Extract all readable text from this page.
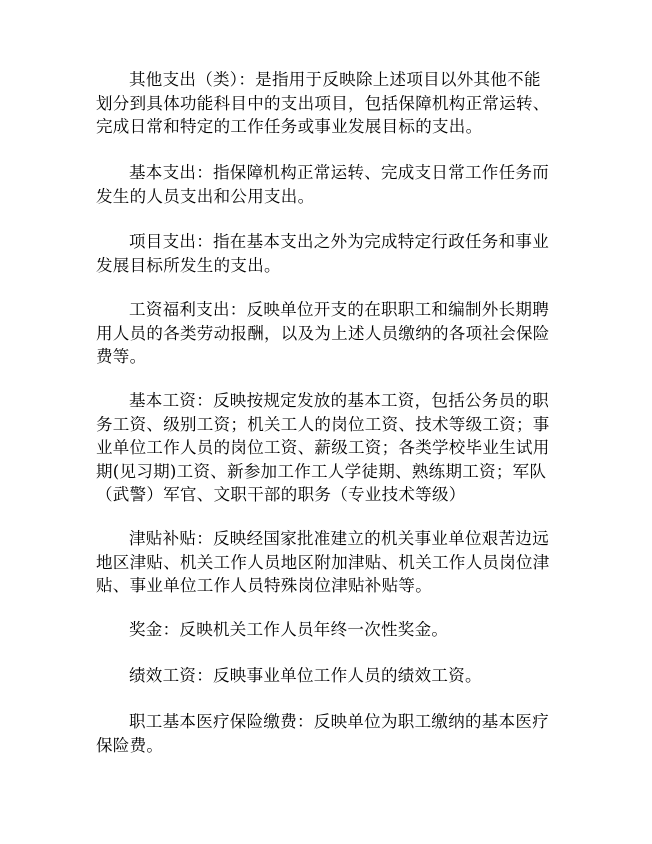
其他支出（类）：是指用于反映除上述项目以外其他不能
划分到具体功能科目中的支出项目，包括保障机构正常运转、
完成日常和特定的工作任务或事业发展目标的支出。

基本支出：指保障机构正常运转、完成支日常工作任务而
发生的人员支出和公用支出。

项目支出：指在基本支出之外为完成特定行政任务和事业
发展目标所发生的支出。

工资福利支出：反映单位开支的在职职工和编制外长期聘
用人员的各类劳动报酬，以及为上述人员缴纳的各项社会保险
费等。

基本工资：反映按规定发放的基本工资，包括公务员的职
务工资、级别工资；机关工人的岗位工资、技术等级工资；事
业单位工作人员的岗位工资、薪级工资；各类学校毕业生试用
期(见习期)工资、新参加工作工人学徒期、熟练期工资；军队
（武警）军官、文职干部的职务（专业技术等级）

津贴补贴：反映经国家批准建立的机关事业单位艰苦边远
地区津贴、机关工作人员地区附加津贴、机关工作人员岗位津
贴、事业单位工作人员特殊岗位津贴补贴等。

奖金：反映机关工作人员年终一次性奖金。

绩效工资：反映事业单位工作人员的绩效工资。

职工基本医疗保险缴费：反映单位为职工缴纳的基本医疗
保险费。
